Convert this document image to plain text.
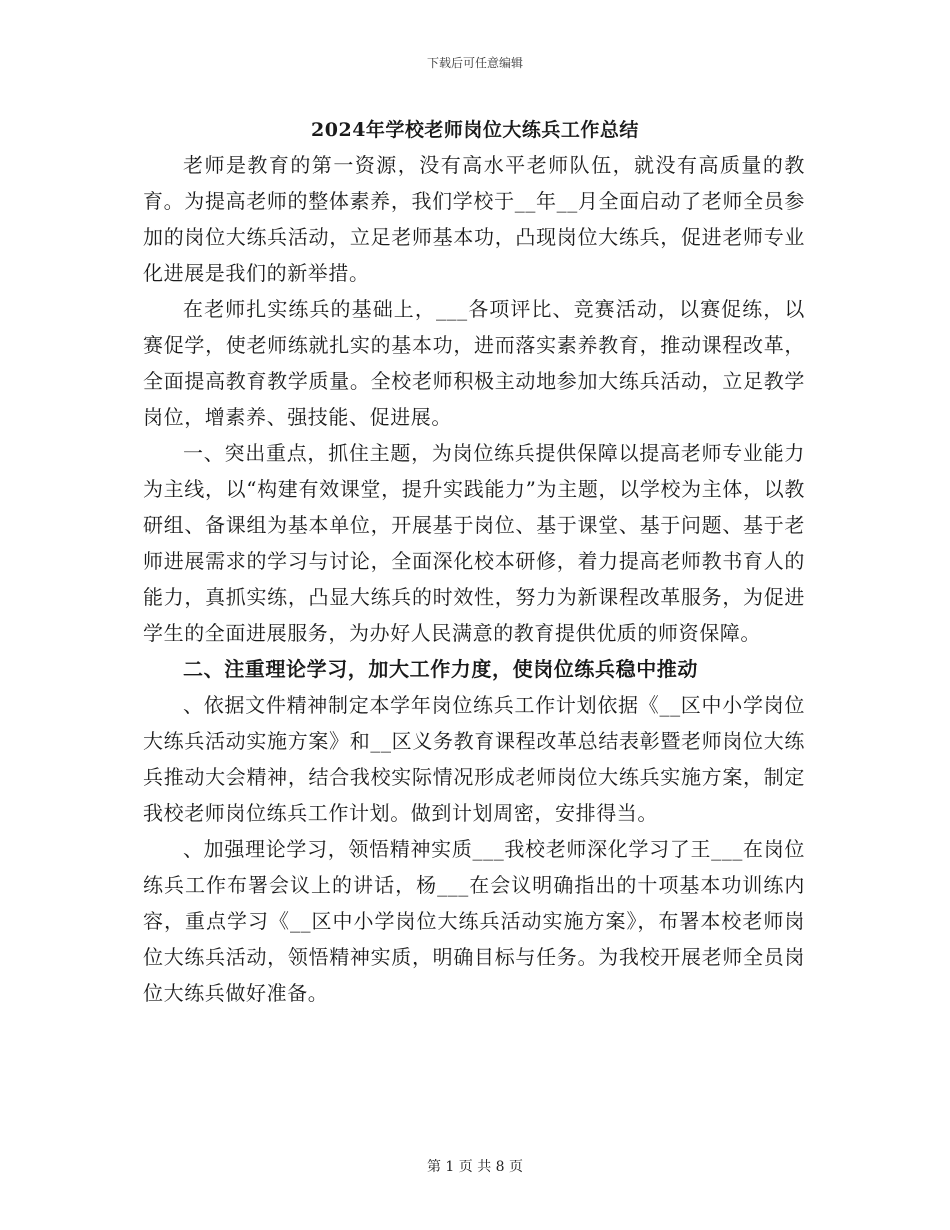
下载后可任意编辑
2024年学校老师岗位大练兵工作总结

老师是教育的第一资源，没有高水平老师队伍，就没有高质量的教育。为提高老师的整体素养，我们学校于__年__月全面启动了老师全员参加的岗位大练兵活动，立足老师基本功，凸现岗位大练兵，促进老师专业化进展是我们的新举措。

在老师扎实练兵的基础上，___各项评比、竞赛活动，以赛促练，以赛促学，使老师练就扎实的基本功，进而落实素养教育，推动课程改革，全面提高教育教学质量。全校老师积极主动地参加大练兵活动，立足教学岗位，增素养、强技能、促进展。

一、突出重点，抓住主题，为岗位练兵提供保障以提高老师专业能力为主线，以“构建有效课堂，提升实践能力”为主题，以学校为主体，以教研组、备课组为基本单位，开展基于岗位、基于课堂、基于问题、基于老师进展需求的学习与讨论，全面深化校本研修，着力提高老师教书育人的能力，真抓实练，凸显大练兵的时效性，努力为新课程改革服务，为促进学生的全面进展服务，为办好人民满意的教育提供优质的师资保障。

二、注重理论学习，加大工作力度，使岗位练兵稳中推动

、依据文件精神制定本学年岗位练兵工作计划依据《__区中小学岗位大练兵活动实施方案》和__区义务教育课程改革总结表彰暨老师岗位大练兵推动大会精神，结合我校实际情况形成老师岗位大练兵实施方案，制定我校老师岗位练兵工作计划。做到计划周密，安排得当。

、加强理论学习，领悟精神实质___我校老师深化学习了王___在岗位练兵工作布署会议上的讲话，杨___在会议明确指出的十项基本功训练内容，重点学习《__区中小学岗位大练兵活动实施方案》，布署本校老师岗位大练兵活动，领悟精神实质，明确目标与任务。为我校开展老师全员岗位大练兵做好准备。

第 1 页 共 8 页
